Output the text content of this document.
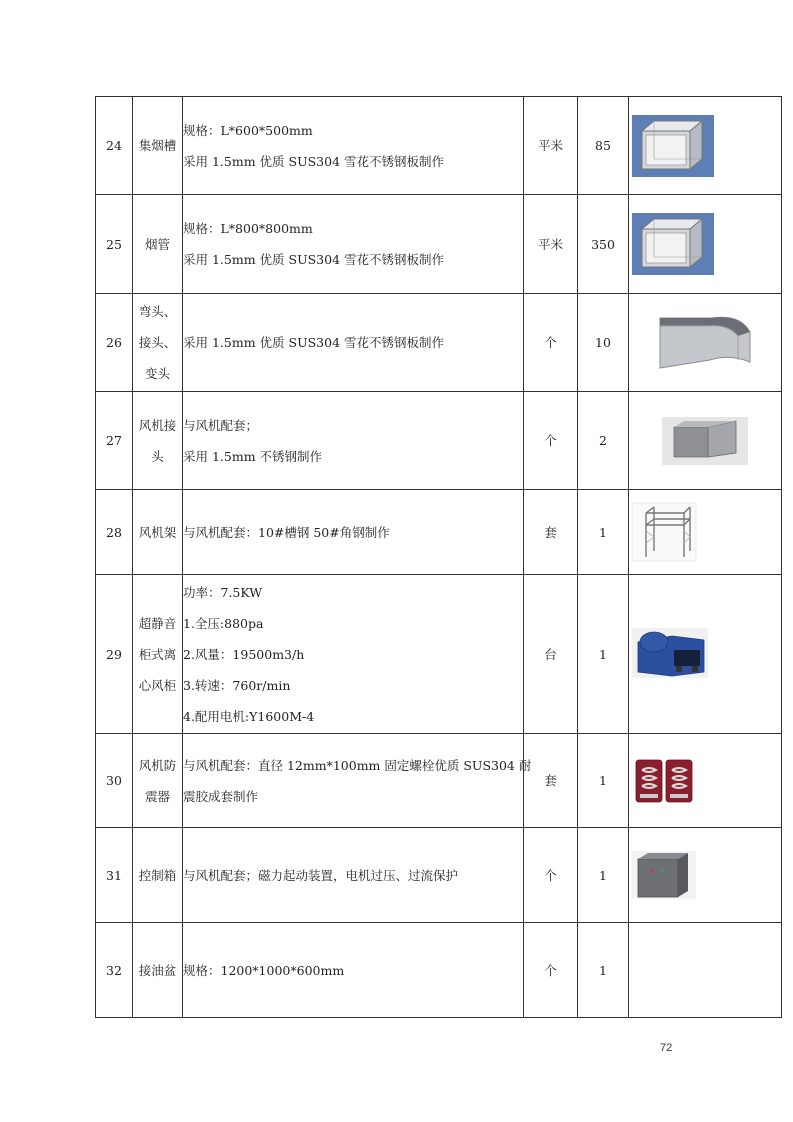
24	集烟槽	规格：L*600*500mm
采用 1.5mm 优质 SUS304 雪花不锈钢板制作	平米	85	
25	烟管	规格：L*800*800mm
采用 1.5mm 优质 SUS304 雪花不锈钢板制作	平米	350	
26	弯头、
接头、
变头	采用 1.5mm 优质 SUS304 雪花不锈钢板制作	个	10	
27	风机接
头	与风机配套；
采用 1.5mm 不锈钢制作	个	2	
28	风机架	与风机配套：10#槽钢 50#角钢制作	套	1	
29	超静音
柜式离
心风柜	功率：7.5KW
1.全压:880pa
2.风量：19500m3/h
3.转速：760r/min
4.配用电机:Y1600M-4	台	1	
30	风机防
震器	与风机配套：直径 12mm*100mm 固定螺栓优质 SUS304 耐
震胶成套制作	套	1	
31	控制箱	与风机配套；磁力起动装置，电机过压、过流保护	个	1	
32	接油盆	规格：1200*1000*600mm	个	1	
72
